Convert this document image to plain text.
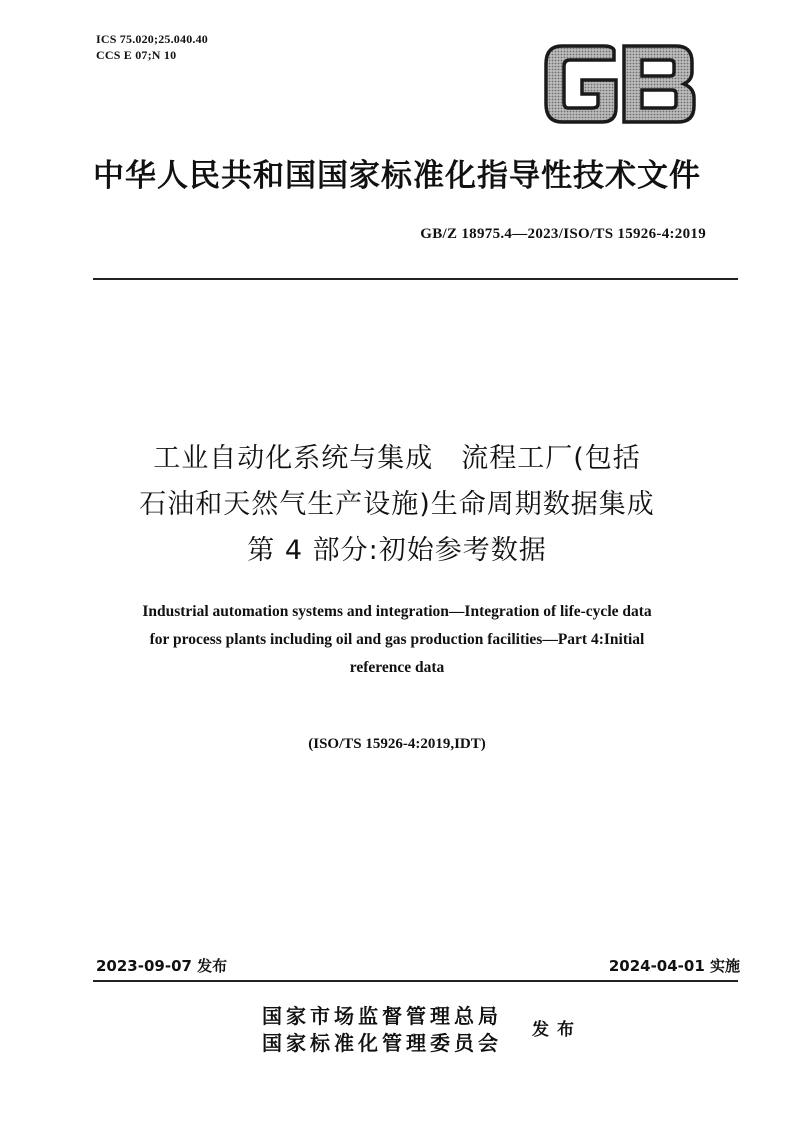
ICS 75.020;25.040.40
CCS E 07;N 10
中华人民共和国国家标准化指导性技术文件
GB/Z 18975.4—2023/ISO/TS 15926-4:2019
工业自动化系统与集成　流程工厂(包括
石油和天然气生产设施)生命周期数据集成
第 4 部分:初始参考数据
Industrial automation systems and integration—Integration of life-cycle data
for process plants including oil and gas production facilities—Part 4:Initial
reference data
(ISO/TS 15926-4:2019,IDT)
2023-09-07 发布	2024-04-01 实施
国家市场监督管理总局
国家标准化管理委员会
发布
